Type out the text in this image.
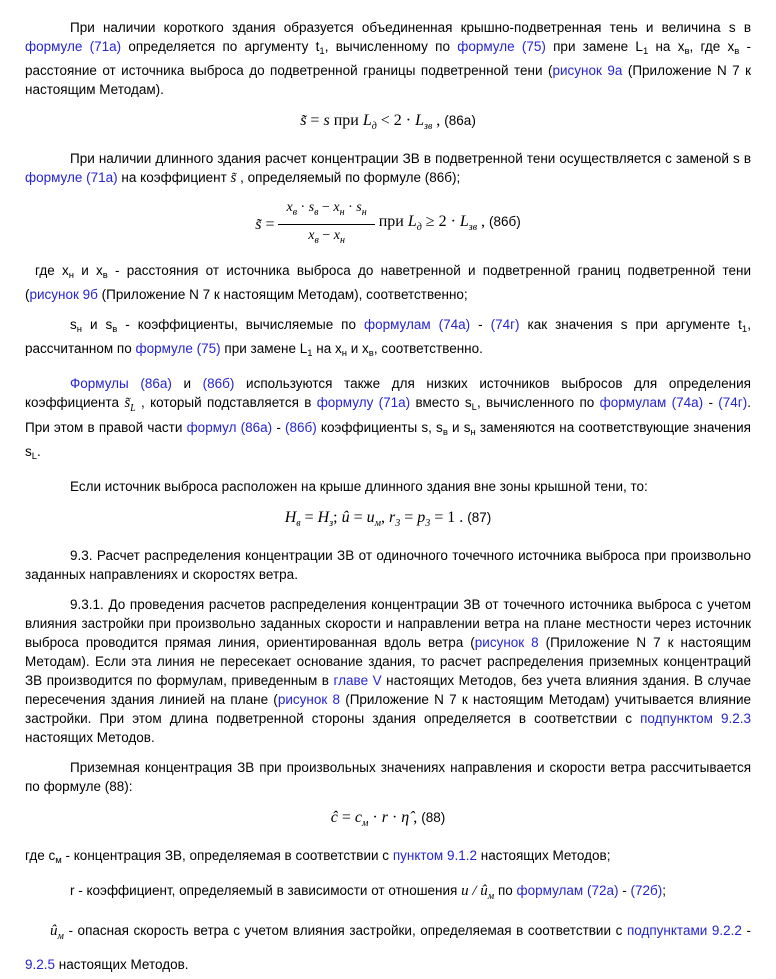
При наличии короткого здания образуется объединенная крышно-подветренная тень и величина s в формуле (71а) определяется по аргументу $t_1$, вычисленному по формуле (75) при замене $L_1$ на $x_в$, где $x_в$ - расстояние от источника выброса до подветренной границы подветренной тени (рисунок 9а (Приложение N 7 к настоящим Методам).

s̃ = s при $L_д < 2 \cdot L_{зв}$ , (86а)

При наличии длинного здания расчет концентрации ЗВ в подветренной тени осуществляется с заменой s в формуле (71а) на коэффициент s̃ , определяемый по формуле (86б);

s̃ = $\frac{x_в \cdot s_в - x_н \cdot s_н}{x_в - x_н}$ при $L_д \ge 2 \cdot L_{зв}$ , (86б)

где $x_н$ и $x_в$ - расстояния от источника выброса до наветренной и подветренной границ подветренной тени (рисунок 9б (Приложение N 7 к настоящим Методам), соответственно;

$s_н$ и $s_в$ - коэффициенты, вычисляемые по формулам (74а) - (74г) как значения s при аргументе $t_1$, рассчитанном по формуле (75) при замене $L_1$ на $x_н$ и $x_в$, соответственно.

Формулы (86а) и (86б) используются также для низких источников выбросов для определения коэффициента $s̃_L$ , который подставляется в формулу (71а) вместо $s_L$, вычисленного по формулам (74а) - (74г). При этом в правой части формул (86а) - (86б) коэффициенты s, $s_в$ и $s_н$ заменяются на соответствующие значения $s_L$.

Если источник выброса расположен на крыше длинного здания вне зоны крышной тени, то:

$H_в = H_з$; û = $u_м$, $r_3 = p_3 = 1$ . (87)

9.3. Расчет распределения концентрации ЗВ от одиночного точечного источника выброса при произвольно заданных направлениях и скоростях ветра.

9.3.1. До проведения расчетов распределения концентрации ЗВ от точечного источника выброса с учетом влияния застройки при произвольно заданных скорости и направлении ветра на плане местности через источник выброса проводится прямая линия, ориентированная вдоль ветра (рисунок 8 (Приложение N 7 к настоящим Методам). Если эта линия не пересекает основание здания, то расчет распределения приземных концентраций ЗВ производится по формулам, приведенным в главе V настоящих Методов, без учета влияния здания. В случае пересечения здания линией на плане (рисунок 8 (Приложение N 7 к настоящим Методам) учитывается влияние застройки. При этом длина подветренной стороны здания определяется в соответствии с подпунктом 9.2.3 настоящих Методов.

Приземная концентрация ЗВ при произвольных значениях направления и скорости ветра рассчитывается по формуле (88):

ĉ = $c_м \cdot r$ · η̂ , (88)

где $c_м$ - концентрация ЗВ, определяемая в соответствии с пунктом 9.1.2 настоящих Методов;

r - коэффициент, определяемый в зависимости от отношения u / $û_м$ по формулам (72а) - (72б);

$û_м$ - опасная скорость ветра с учетом влияния застройки, определяемая в соответствии с подпунктами 9.2.2 - 9.2.5 настоящих Методов.
